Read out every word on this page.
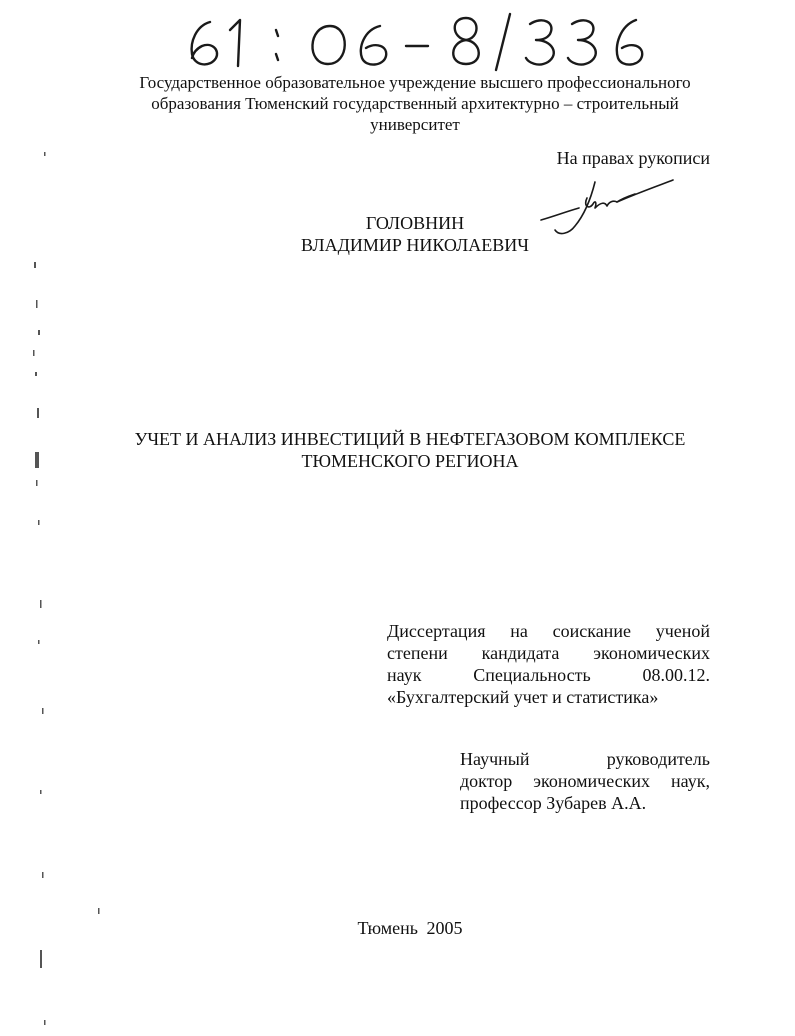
Государственное образовательное учреждение высшего профессионального
образования Тюменский государственный архитектурно – строительный
университет
На правах рукописи
ГОЛОВНИН
ВЛАДИМИР НИКОЛАЕВИЧ
УЧЕТ И АНАЛИЗ ИНВЕСТИЦИЙ В НЕФТЕГАЗОВОМ КОМПЛЕКСЕ
ТЮМЕНСКОГО РЕГИОНА
Диссертация на соискание ученой
степени кандидата экономических
наук	Специальность	08.00.12.
«Бухгалтерский учет и статистика»
Научный	руководитель
доктор экономических наук,
профессор Зубарев А.А.
Тюмень 2005
